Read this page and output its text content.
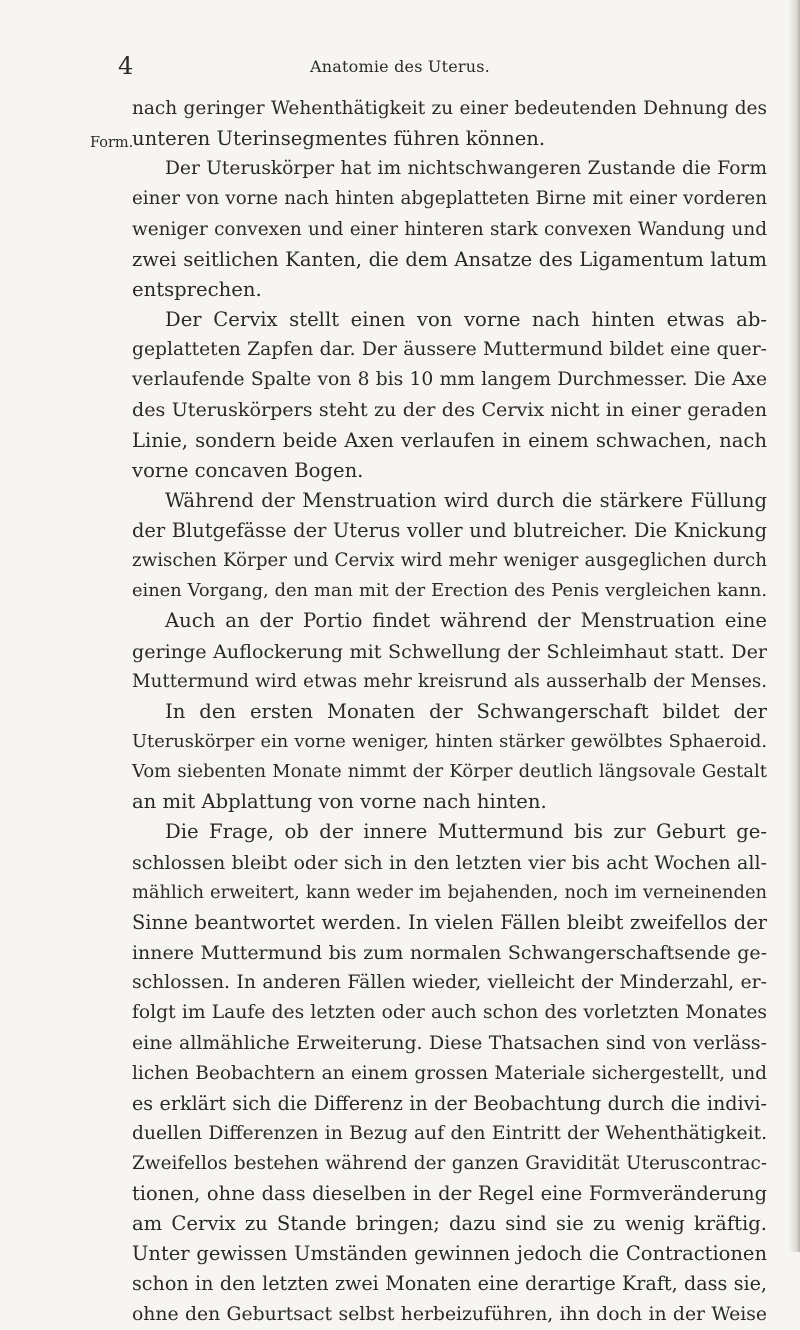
4	Anatomie des Uterus.
Form.
nach geringer Wehenthätigkeit zu einer bedeutenden Dehnung des
unteren Uterinsegmentes führen können.
Der Uteruskörper hat im nichtschwangeren Zustande die Form
einer von vorne nach hinten abgeplatteten Birne mit einer vorderen
weniger convexen und einer hinteren stark convexen Wandung und
zwei seitlichen Kanten, die dem Ansatze des Ligamentum latum
entsprechen.
Der Cervix stellt einen von vorne nach hinten etwas ab-
geplatteten Zapfen dar. Der äussere Muttermund bildet eine quer-
verlaufende Spalte von 8 bis 10 mm langem Durchmesser. Die Axe
des Uteruskörpers steht zu der des Cervix nicht in einer geraden
Linie, sondern beide Axen verlaufen in einem schwachen, nach
vorne concaven Bogen.
Während der Menstruation wird durch die stärkere Füllung
der Blutgefässe der Uterus voller und blutreicher. Die Knickung
zwischen Körper und Cervix wird mehr weniger ausgeglichen durch
einen Vorgang, den man mit der Erection des Penis vergleichen kann.
Auch an der Portio findet während der Menstruation eine
geringe Auflockerung mit Schwellung der Schleimhaut statt. Der
Muttermund wird etwas mehr kreisrund als ausserhalb der Menses.
In den ersten Monaten der Schwangerschaft bildet der
Uteruskörper ein vorne weniger, hinten stärker gewölbtes Sphaeroid.
Vom siebenten Monate nimmt der Körper deutlich längsovale Gestalt
an mit Abplattung von vorne nach hinten.
Die Frage, ob der innere Muttermund bis zur Geburt ge-
schlossen bleibt oder sich in den letzten vier bis acht Wochen all-
mählich erweitert, kann weder im bejahenden, noch im verneinenden
Sinne beantwortet werden. In vielen Fällen bleibt zweifellos der
innere Muttermund bis zum normalen Schwangerschaftsende ge-
schlossen. In anderen Fällen wieder, vielleicht der Minderzahl, er-
folgt im Laufe des letzten oder auch schon des vorletzten Monates
eine allmähliche Erweiterung. Diese Thatsachen sind von verläss-
lichen Beobachtern an einem grossen Materiale sichergestellt, und
es erklärt sich die Differenz in der Beobachtung durch die indivi-
duellen Differenzen in Bezug auf den Eintritt der Wehenthätigkeit.
Zweifellos bestehen während der ganzen Gravidität Uteruscontrac-
tionen, ohne dass dieselben in der Regel eine Formveränderung
am Cervix zu Stande bringen; dazu sind sie zu wenig kräftig.
Unter gewissen Umständen gewinnen jedoch die Contractionen
schon in den letzten zwei Monaten eine derartige Kraft, dass sie,
ohne den Geburtsact selbst herbeizuführen, ihn doch in der Weise
